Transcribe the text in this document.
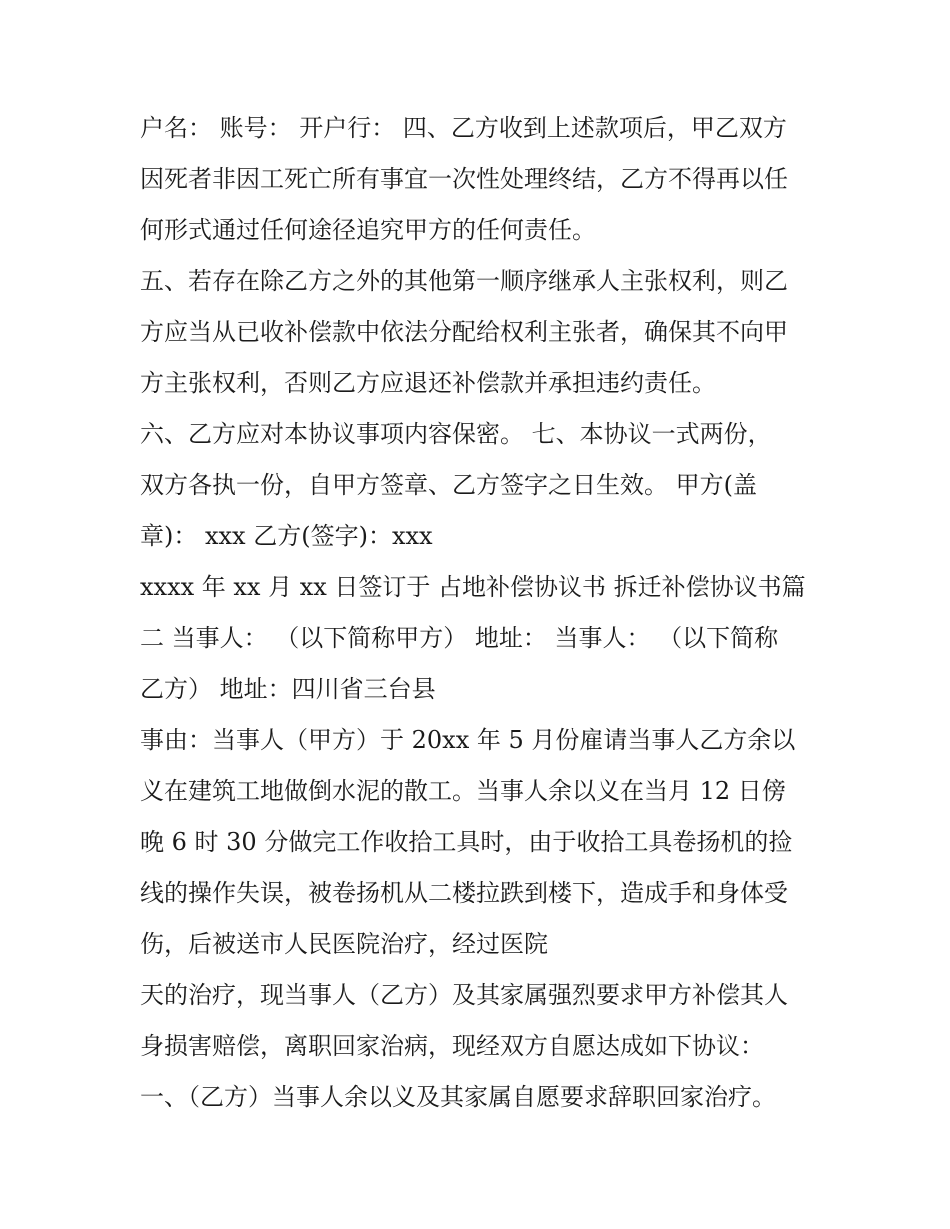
户名： 账号： 开户行： 四、乙方收到上述款项后，甲乙双方
因死者非因工死亡所有事宜一次性处理终结，乙方不得再以任
何形式通过任何途径追究甲方的任何责任。
五、若存在除乙方之外的其他第一顺序继承人主张权利，则乙
方应当从已收补偿款中依法分配给权利主张者，确保其不向甲
方主张权利，否则乙方应退还补偿款并承担违约责任。
六、乙方应对本协议事项内容保密。 七、本协议一式两份，
双方各执一份，自甲方签章、乙方签字之日生效。 甲方(盖
章)： xxx 乙方(签字)：xxx
xxxx 年 xx 月 xx 日签订于 占地补偿协议书 拆迁补偿协议书篇
二 当事人： （以下简称甲方） 地址： 当事人： （以下简称
乙方） 地址：四川省三台县
事由：当事人（甲方）于 20xx 年 5 月份雇请当事人乙方余以
义在建筑工地做倒水泥的散工。当事人余以义在当月 12 日傍
晚 6 时 30 分做完工作收拾工具时，由于收拾工具卷扬机的捡
线的操作失误，被卷扬机从二楼拉跌到楼下，造成手和身体受
伤，后被送市人民医院治疗，经过医院
天的治疗，现当事人（乙方）及其家属强烈要求甲方补偿其人
身损害赔偿，离职回家治病，现经双方自愿达成如下协议：
一、（乙方）当事人余以义及其家属自愿要求辞职回家治疗。
